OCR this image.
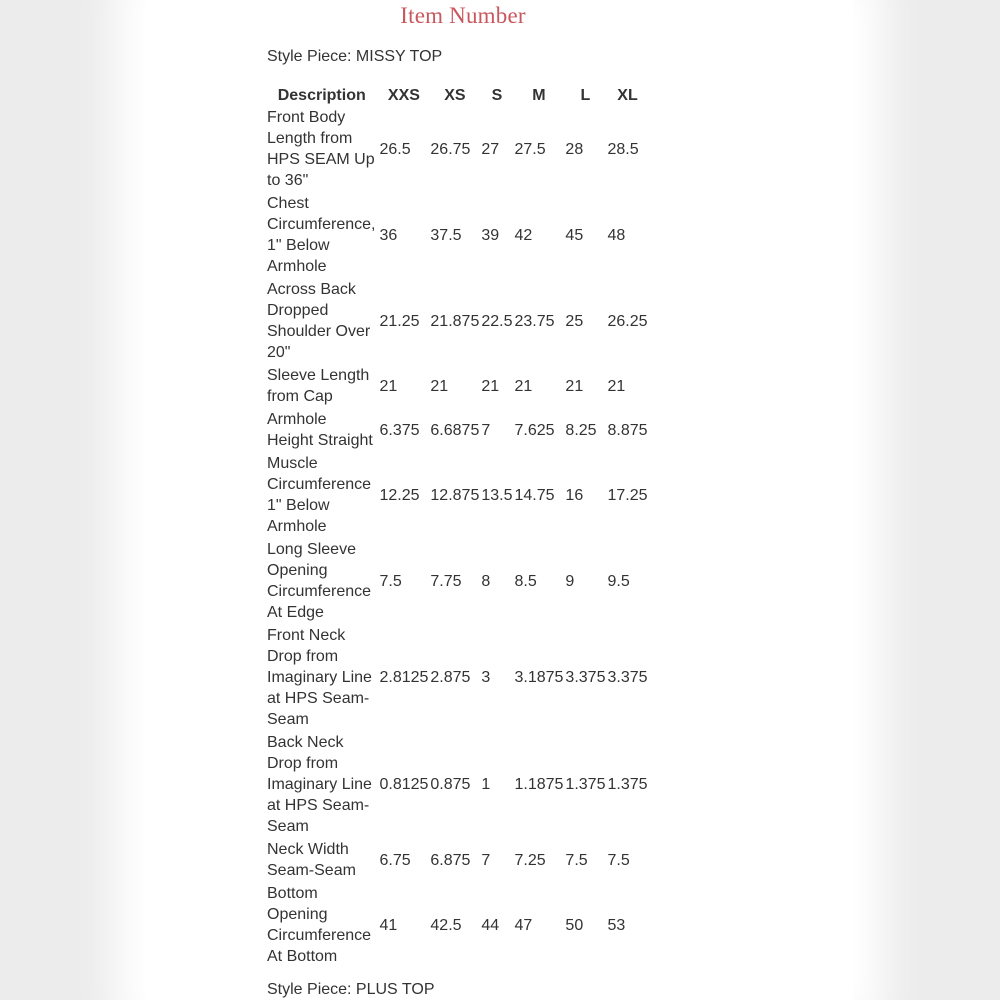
Item Number
Style Piece: MISSY TOP
Description	XXS	XS	S	M	L	XL
Front Body Length from HPS SEAM Up to 36"	26.5	26.75	27	27.5	28	28.5
Chest Circumference, 1" Below Armhole	36	37.5	39	42	45	48
Across Back Dropped Shoulder Over 20"	21.25	21.875	22.5	23.75	25	26.25
Sleeve Length from Cap	21	21	21	21	21	21
Armhole Height Straight	6.375	6.6875	7	7.625	8.25	8.875
Muscle Circumference 1" Below Armhole	12.25	12.875	13.5	14.75	16	17.25
Long Sleeve Opening Circumference At Edge	7.5	7.75	8	8.5	9	9.5
Front Neck Drop from Imaginary Line at HPS Seam-Seam	2.8125	2.875	3	3.1875	3.375	3.375
Back Neck Drop from Imaginary Line at HPS Seam-Seam	0.8125	0.875	1	1.1875	1.375	1.375
Neck Width Seam-Seam	6.75	6.875	7	7.25	7.5	7.5
Bottom Opening Circumference At Bottom	41	42.5	44	47	50	53
Style Piece: PLUS TOP
